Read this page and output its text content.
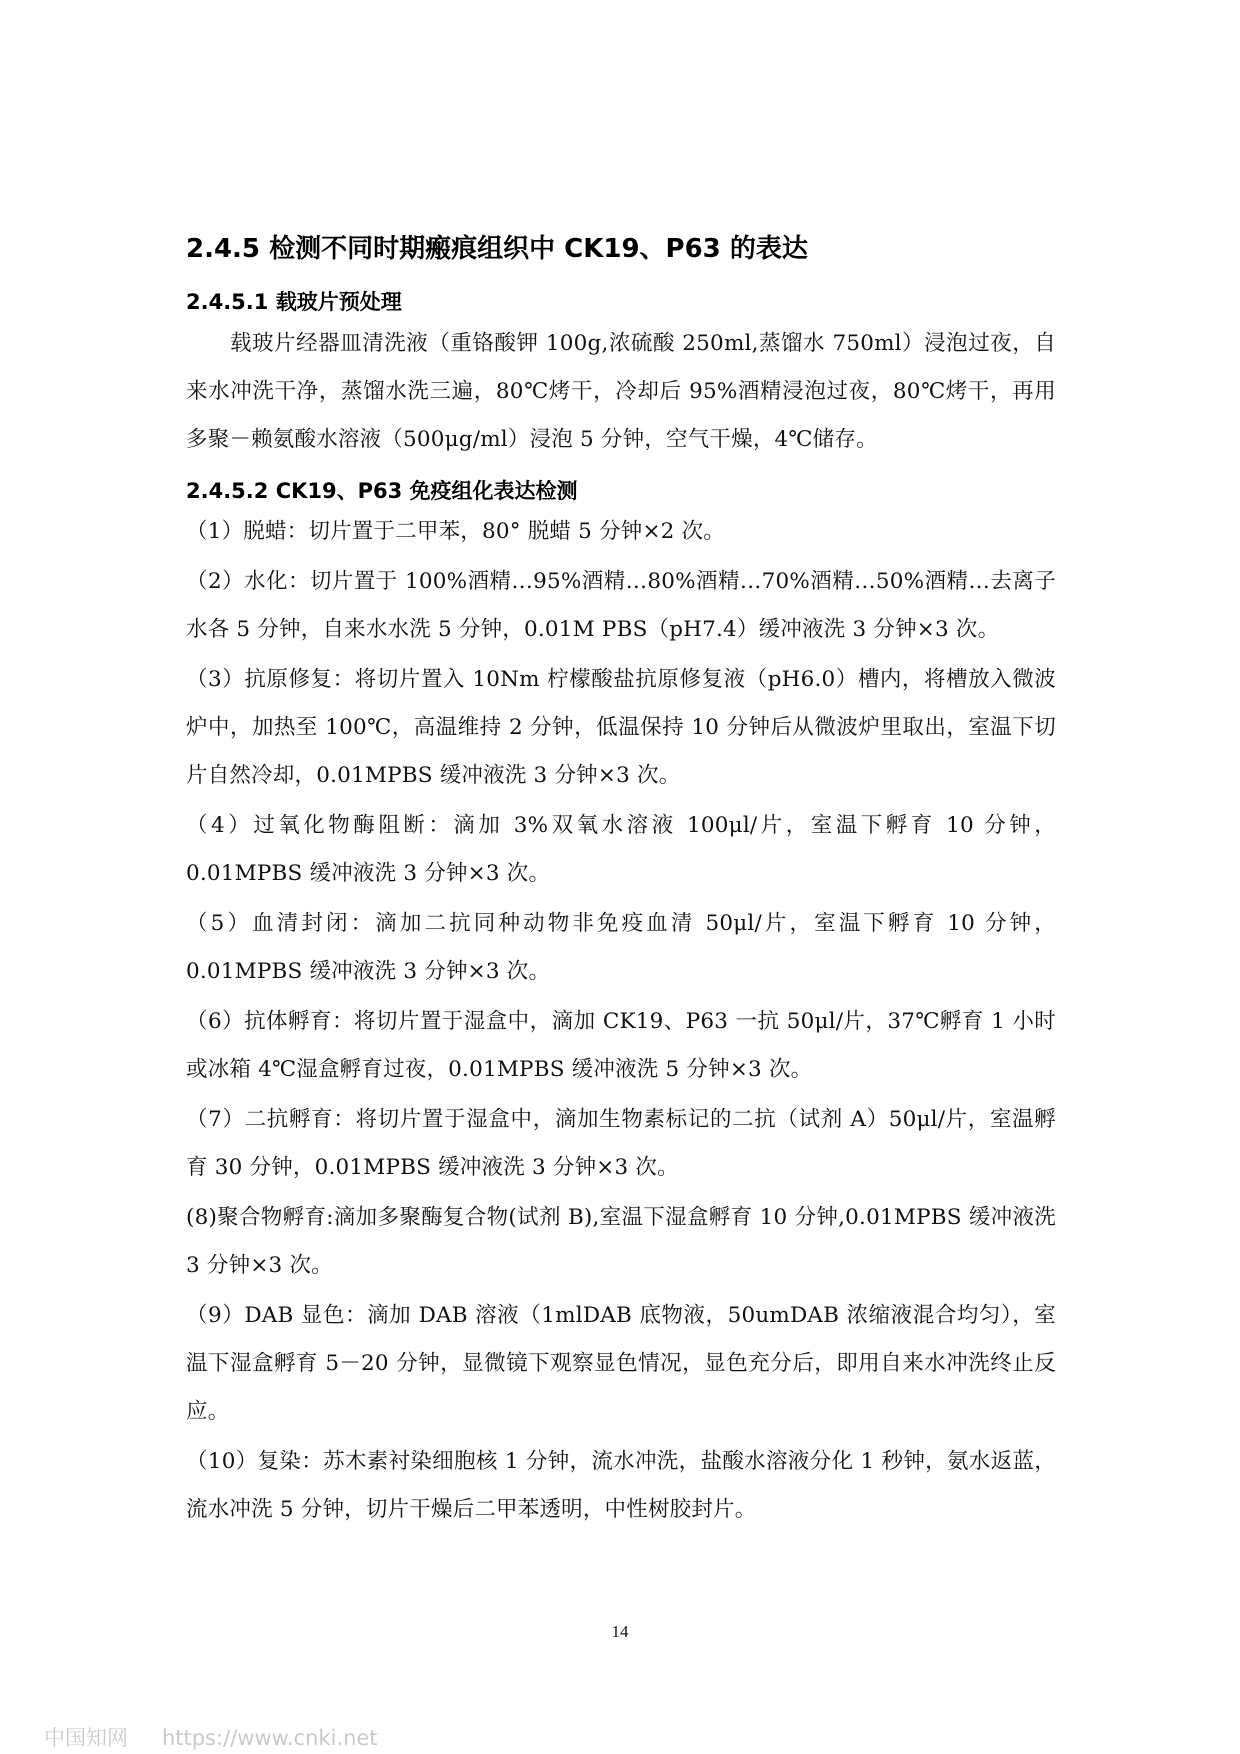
2.4.5 检测不同时期瘢痕组织中 CK19、P63 的表达
2.4.5.1 载玻片预处理

载玻片经器皿清洗液（重铬酸钾 100g,浓硫酸 250ml,蒸馏水 750ml）浸泡过夜，自来水冲洗干净，蒸馏水洗三遍，80℃烤干，冷却后 95%酒精浸泡过夜，80℃烤干，再用多聚－赖氨酸水溶液（500μg/ml）浸泡 5 分钟，空气干燥，4℃储存。

2.4.5.2 CK19、P63 免疫组化表达检测

（1）脱蜡：切片置于二甲苯，80° 脱蜡 5 分钟×2 次。

（2）水化：切片置于 100%酒精…95%酒精…80%酒精…70%酒精…50%酒精…去离子水各 5 分钟，自来水水洗 5 分钟，0.01M PBS（pH7.4）缓冲液洗 3 分钟×3 次。

（3）抗原修复：将切片置入 10Nm 柠檬酸盐抗原修复液（pH6.0）槽内，将槽放入微波炉中，加热至 100℃，高温维持 2 分钟，低温保持 10 分钟后从微波炉里取出，室温下切片自然冷却，0.01MPBS 缓冲液洗 3 分钟×3 次。

（4）过氧化物酶阻断：滴加 3%双氧水溶液 100μl/片，室温下孵育 10 分钟，0.01MPBS 缓冲液洗 3 分钟×3 次。

（5）血清封闭：滴加二抗同种动物非免疫血清 50μl/片，室温下孵育 10 分钟，0.01MPBS 缓冲液洗 3 分钟×3 次。

（6）抗体孵育：将切片置于湿盒中，滴加 CK19、P63 一抗 50μl/片，37℃孵育 1 小时或冰箱 4℃湿盒孵育过夜，0.01MPBS 缓冲液洗 5 分钟×3 次。

（7）二抗孵育：将切片置于湿盒中，滴加生物素标记的二抗（试剂 A）50μl/片，室温孵育 30 分钟，0.01MPBS 缓冲液洗 3 分钟×3 次。

(8)聚合物孵育:滴加多聚酶复合物(试剂 B),室温下湿盒孵育 10 分钟,0.01MPBS 缓冲液洗 3 分钟×3 次。

（9）DAB 显色：滴加 DAB 溶液（1mlDAB 底物液，50umDAB 浓缩液混合均匀），室温下湿盒孵育 5－20 分钟，显微镜下观察显色情况，显色充分后，即用自来水冲洗终止反应。

（10）复染：苏木素衬染细胞核 1 分钟，流水冲洗，盐酸水溶液分化 1 秒钟，氨水返蓝，流水冲洗 5 分钟，切片干燥后二甲苯透明，中性树胶封片。

14
中国知网 https://www.cnki.net
